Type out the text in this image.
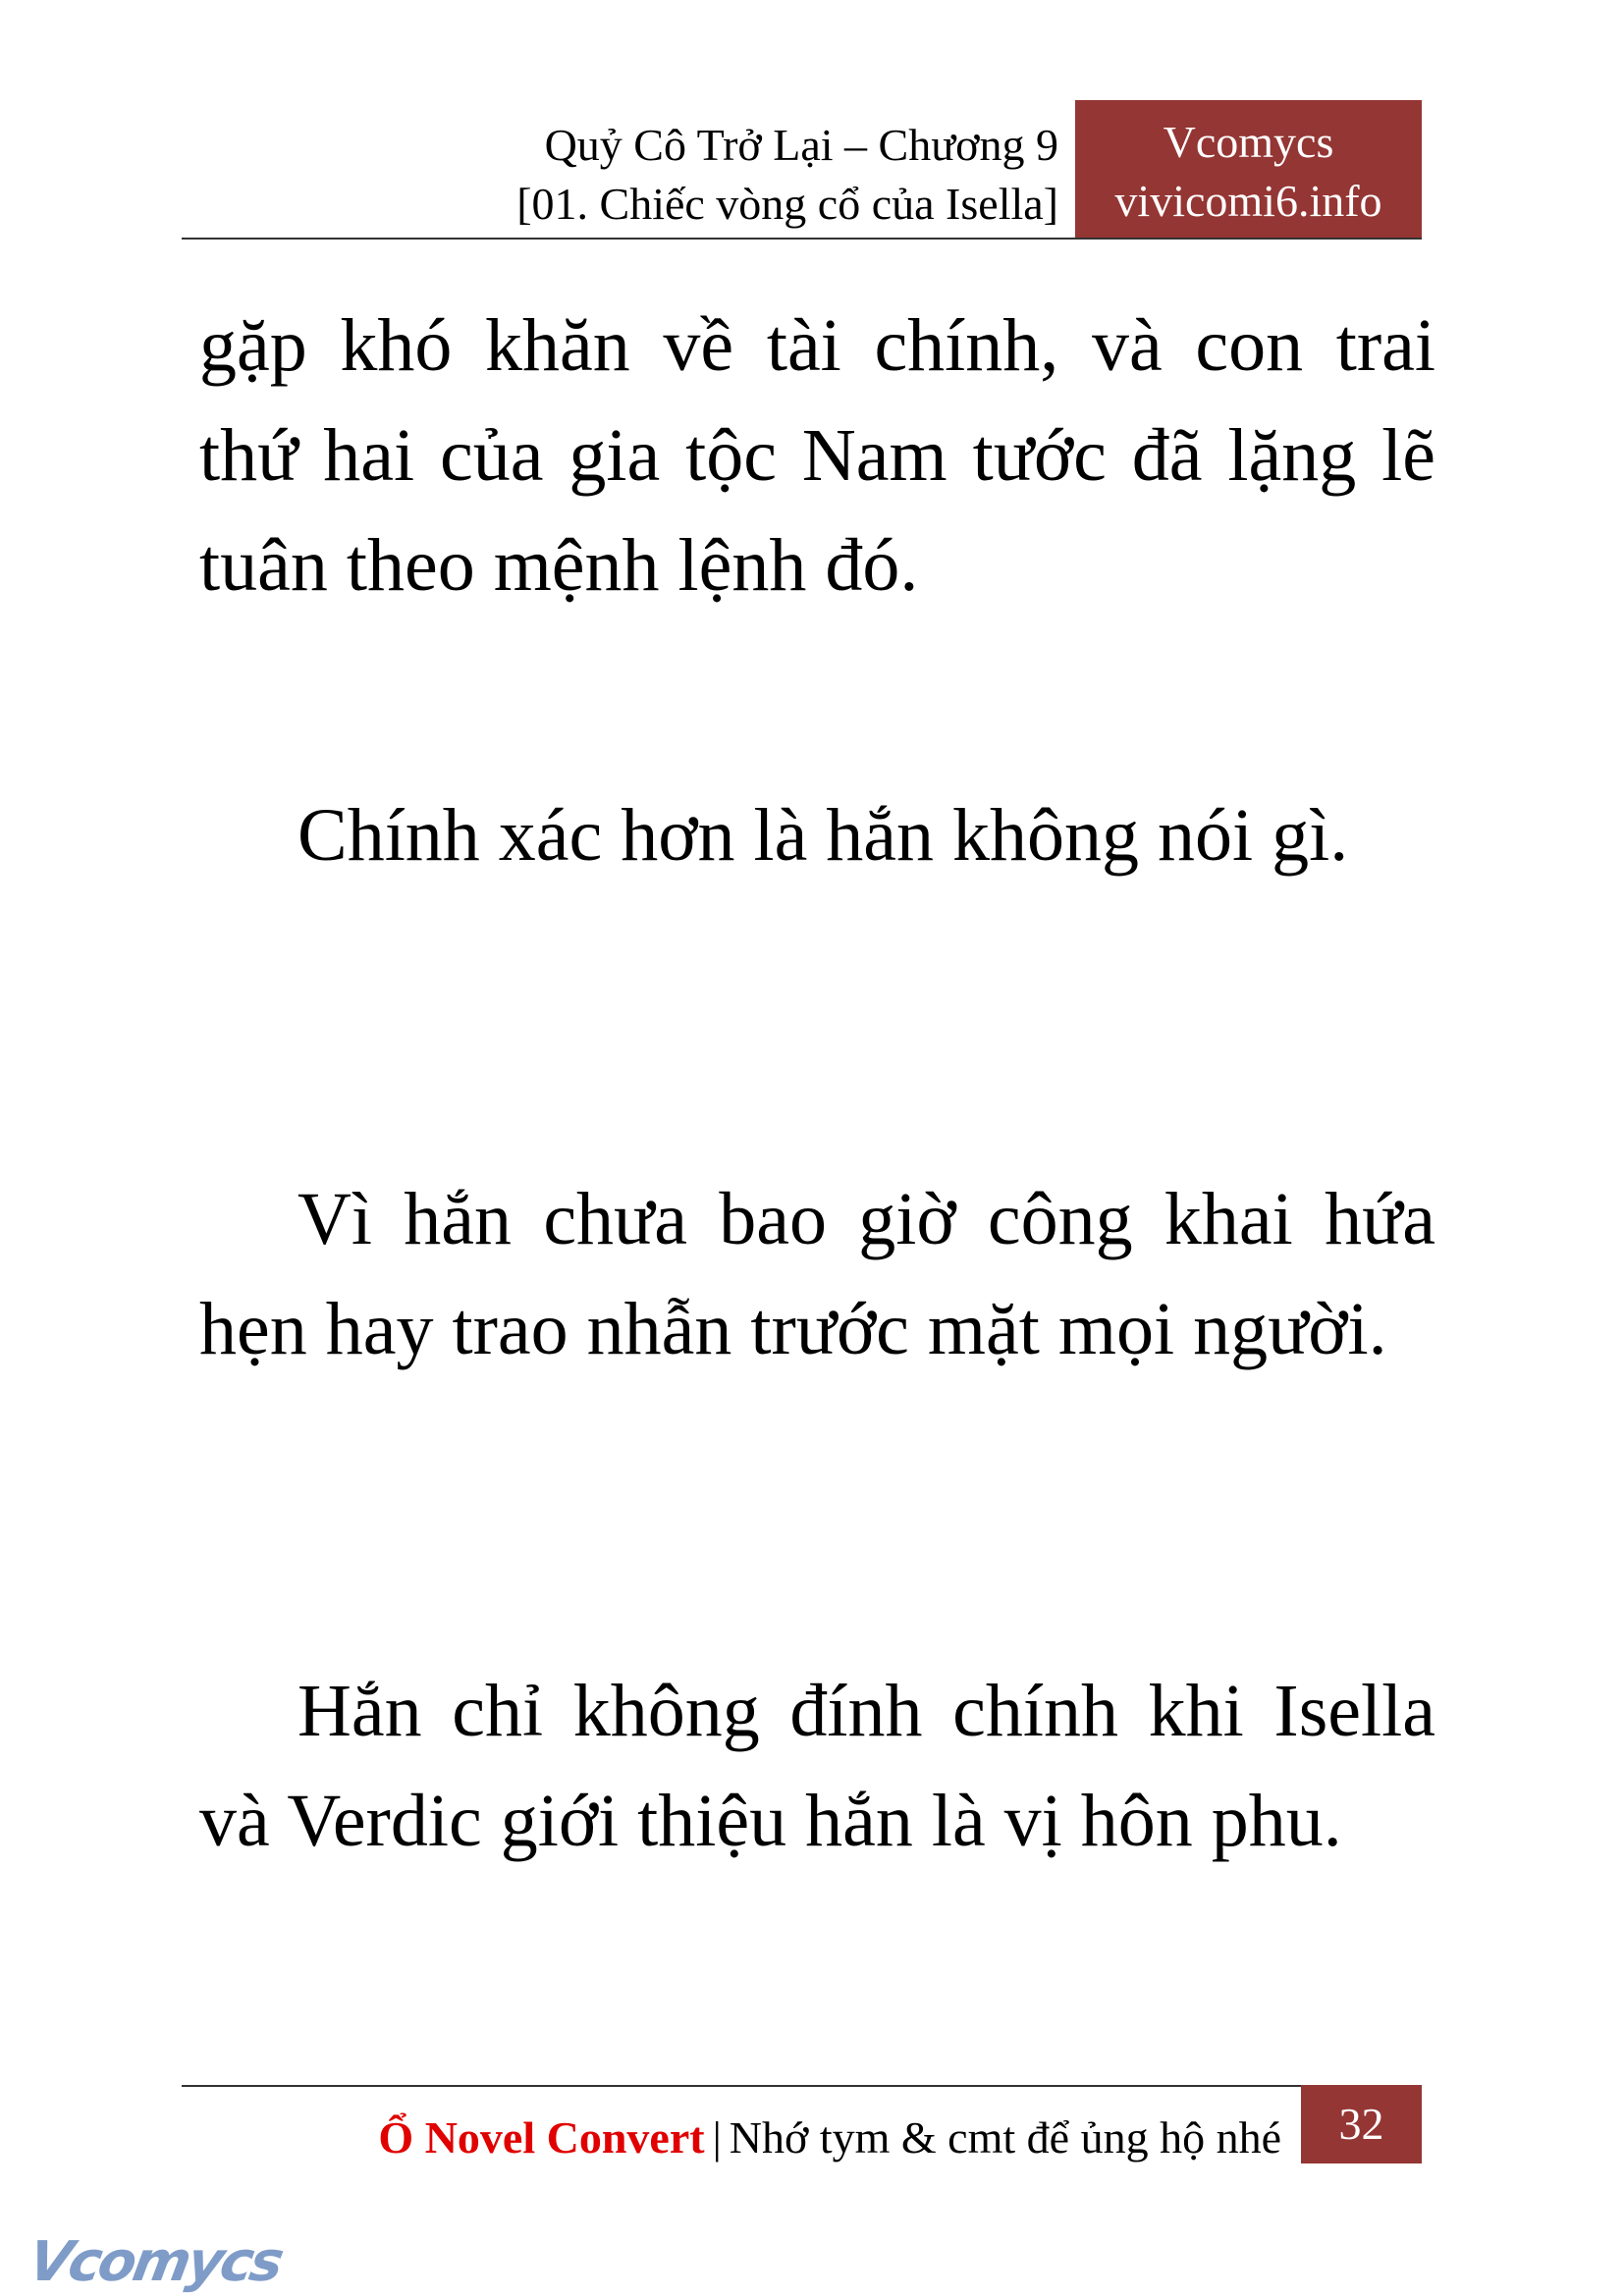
Quỷ Cô Trở Lại – Chương 9
[01. Chiếc vòng cổ của Isella]
Vcomycs
vivicomi6.info

gặp khó khăn về tài chính, và con trai thứ hai của gia tộc Nam tước đã lặng lẽ tuân theo mệnh lệnh đó.

Chính xác hơn là hắn không nói gì.

Vì hắn chưa bao giờ công khai hứa hẹn hay trao nhẫn trước mặt mọi người.

Hắn chỉ không đính chính khi Isella và Verdic giới thiệu hắn là vị hôn phu.

Ổ Novel Convert | Nhớ tym & cmt để ủng hộ nhé	32
Vcomycs
